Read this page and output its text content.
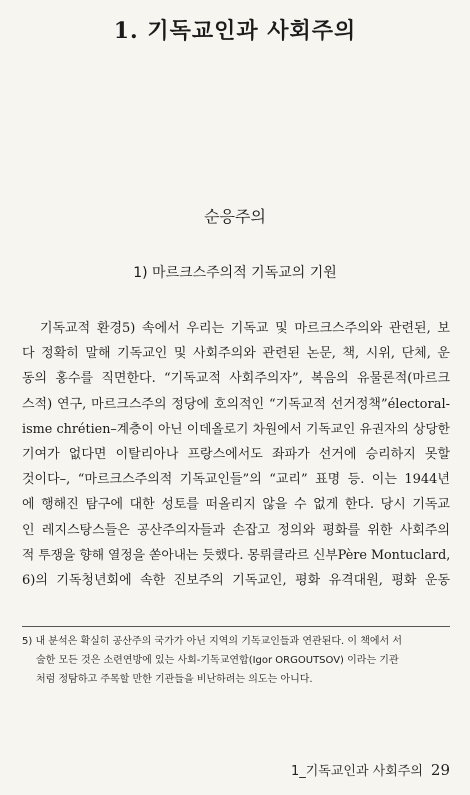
1. 기독교인과 사회주의
순응주의
1) 마르크스주의적 기독교의 기원
기독교적 환경5) 속에서 우리는 기독교 및 마르크스주의와 관련된, 보
다 정확히 말해 기독교인 및 사회주의와 관련된 논문, 책, 시위, 단체, 운
동의 홍수를 직면한다. “기독교적 사회주의자”, 복음의 유물론적(마르크
스적) 연구, 마르크스주의 정당에 호의적인 “기독교적 선거정책”électoral-
isme chrétien–계층이 아닌 이데올로기 차원에서 기독교인 유권자의 상당한
기여가 없다면 이탈리아나 프랑스에서도 좌파가 선거에 승리하지 못할
것이다–, “마르크스주의적 기독교인들”의 “교리” 표명 등. 이는 1944년
에 행해진 탐구에 대한 성토를 떠올리지 않을 수 없게 한다. 당시 기독교
인 레지스탕스들은 공산주의자들과 손잡고 정의와 평화를 위한 사회주의
적 투쟁을 향해 열정을 쏟아내는 듯했다. 몽뤼클라르 신부Père Montuclard,
6)의 기독청년회에 속한 진보주의 기독교인, 평화 유격대원, 평화 운동
5) 내 분석은 확실히 공산주의 국가가 아닌 지역의 기독교인들과 연관된다. 이 책에서 서
술한 모든 것은 소련연방에 있는 사회-기독교연합(Igor ORGOUTSOV) 이라는 기관
처럼 정탐하고 주목할 만한 기관들을 비난하려는 의도는 아니다.
1_기독교인과 사회주의 29
